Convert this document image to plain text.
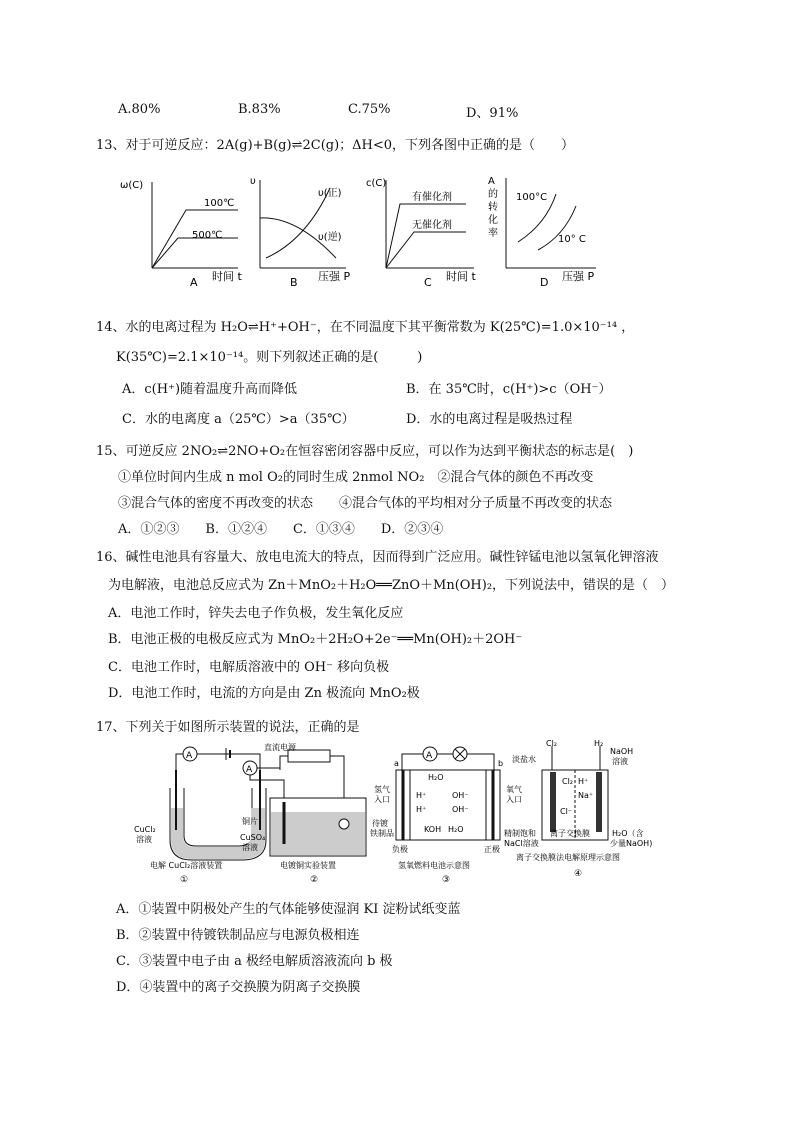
A.80%	B.83%	C.75%	D、91%
13、对于可逆反应：2A(g)+B(g)⇌2C(g)；ΔH<0，下列各图中正确的是（　　）
ω(C)
100℃
500℃
时间 t
A
υ
υ(正)
υ(逆)
压强 P
B
c(C)
有催化剂
无催化剂
时间 t
C
A
的
转
化
率
100°C
10° C
压强 P
D
14、水的电离过程为 H₂O⇌H⁺+OH⁻，在不同温度下其平衡常数为 K(25℃)=1.0×10⁻¹⁴ ，
K(35℃)=2.1×10⁻¹⁴。则下列叙述正确的是(　　　)
A．c(H⁺)随着温度升高而降低	B．在 35℃时，c(H⁺)>c（OH⁻）
C．水的电离度 a（25℃）>a（35℃）	D．水的电离过程是吸热过程
15、可逆反应 2NO₂⇌2NO+O₂在恒容密闭容器中反应，可以作为达到平衡状态的标志是(　)
①单位时间内生成 n mol O₂的同时生成 2nmol NO₂　②混合气体的颜色不再改变
③混合气体的密度不再改变的状态　　④混合气体的平均相对分子质量不再改变的状态
A．①②③　　B．①②④　　C．①③④　　D．②③④
16、碱性电池具有容量大、放电电流大的特点，因而得到广泛应用。碱性锌锰电池以氢氧化钾溶液
为电解液，电池总反应式为 Zn＋MnO₂＋H₂O══ZnO＋Mn(OH)₂，下列说法中，错误的是（　）
A．电池工作时，锌失去电子作负极，发生氧化反应
B．电池正极的电极反应式为 MnO₂＋2H₂O+2e⁻══Mn(OH)₂＋2OH⁻
C．电池工作时，电解质溶液中的 OH⁻ 移向负极
D．电池工作时，电流的方向是由 Zn 极流向 MnO₂极
17、下列关于如图所示装置的说法，正确的是
A
CuCl₂
溶液
电解 CuCl₂溶液装置
①
直流电源
A
铜片
CuSO₄
溶液
待镀
铁制品
电镀铜实验装置
②
A
a	b
H₂O
H⁺	OH⁻
H⁺	OH⁻
氢气
入口
氧气
入口
KOH H₂O
负极	正极
氢氧燃料电池示意图
③
Cl₂	H₂
NaOH
溶液
淡盐水
Cl₂ H⁺
Na⁺
Cl⁻
精制饱和
NaCl溶液
离子交换膜	H₂O（含
少量NaOH)
离子交换膜法电解原理示意图
④
A．①装置中阴极处产生的气体能够使湿润 KI 淀粉试纸变蓝
B．②装置中待镀铁制品应与电源负极相连
C．③装置中电子由 a 极经电解质溶液流向 b 极
D．④装置中的离子交换膜为阴离子交换膜
